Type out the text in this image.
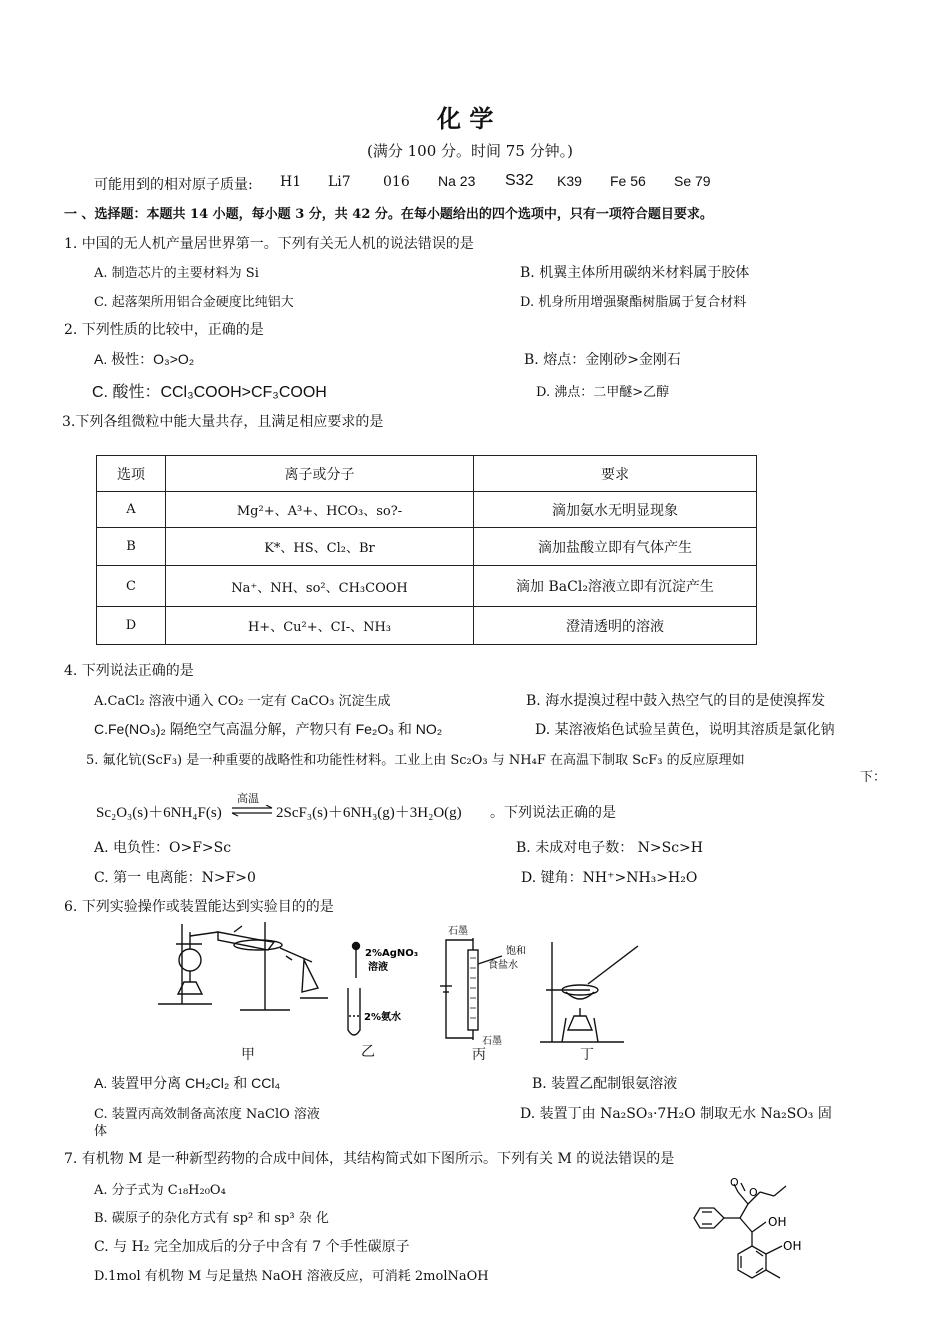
化 学
(满分 100 分。时间 75 分钟。)
可能用到的相对原子质量: H1 Li7 016 Na 23 S32 K39 Fe 56 Se 79
一 、选择题：本题共 14 小题，每小题 3 分，共 42 分。在每小题给出的四个选项中，只有一项符合题目要求。
1. 中国的无人机产量居世界第一。下列有关无人机的说法错误的是
A. 制造芯片的主要材料为 Si	B. 机翼主体所用碳纳米材料属于胶体
C. 起落架所用铝合金硬度比纯铝大	D. 机身所用增强聚酯树脂属于复合材料
2. 下列性质的比较中，正确的是
A. 极性：O₃>O₂	B. 熔点：金刚砂>金刚石
C. 酸性：CCl₃COOH>CF₃COOH	D. 沸点：二甲醚>乙醇
3.下列各组微粒中能大量共存，且满足相应要求的是
选项	离子或分子	要求
A	Mg²+、A³+、HCO₃、so?-	滴加氨水无明显现象
B	K*、HS、Cl₂、Br	滴加盐酸立即有气体产生
C	Na⁺、NH、so²、CH₃COOH	滴加 BaCl₂溶液立即有沉淀产生
D	H+、Cu²+、CI-、NH₃	澄清透明的溶液
4. 下列说法正确的是
A.CaCl₂ 溶液中通入 CO₂ 一定有 CaCO₃ 沉淀生成	B. 海水提溴过程中鼓入热空气的目的是使溴挥发
C.Fe(NO₃)₂ 隔绝空气高温分解，产物只有 Fe₂O₃ 和 NO₂	D. 某溶液焰色试验呈黄色，说明其溶质是氯化钠
5. 氟化钪(ScF₃) 是一种重要的战略性和功能性材料。工业上由 Sc₂O₃ 与 NH₄F 在高温下制取 ScF₃ 的反应原理如
下：
Sc₂O₃(s)＋6NH₄F(s)
高温
⇌ 2ScF₃(s)＋6NH₃(g)＋3H₂O(g) 。下列说法正确的是
A. 电负性：O>F>Sc	B. 未成对电子数： N>Sc>H
C. 第一 电离能：N>F>0	D. 键角：NH⁺>NH₃>H₂O
6. 下列实验操作或装置能达到实验目的的是
2%AgNO₃
溶液
2%氨水
石墨
饱和
食盐水
石墨
甲	乙	丙	丁
A. 装置甲分离 CH₂Cl₂ 和 CCl₄	B. 装置乙配制银氨溶液
C. 装置丙高效制备高浓度 NaClO 溶液	D. 装置丁由 Na₂SO₃·7H₂O 制取无水 Na₂SO₃ 固
体
7. 有机物 M 是一种新型药物的合成中间体，其结构简式如下图所示。下列有关 M 的说法错误的是
A. 分子式为 C₁₈H₂₀O₄
B. 碳原子的杂化方式有 sp² 和 sp³ 杂 化
C. 与 H₂ 完全加成后的分子中含有 7 个手性碳原子
D.1mol 有机物 M 与足量热 NaOH 溶液反应，可消耗 2molNaOH
O
O
OH
OH
